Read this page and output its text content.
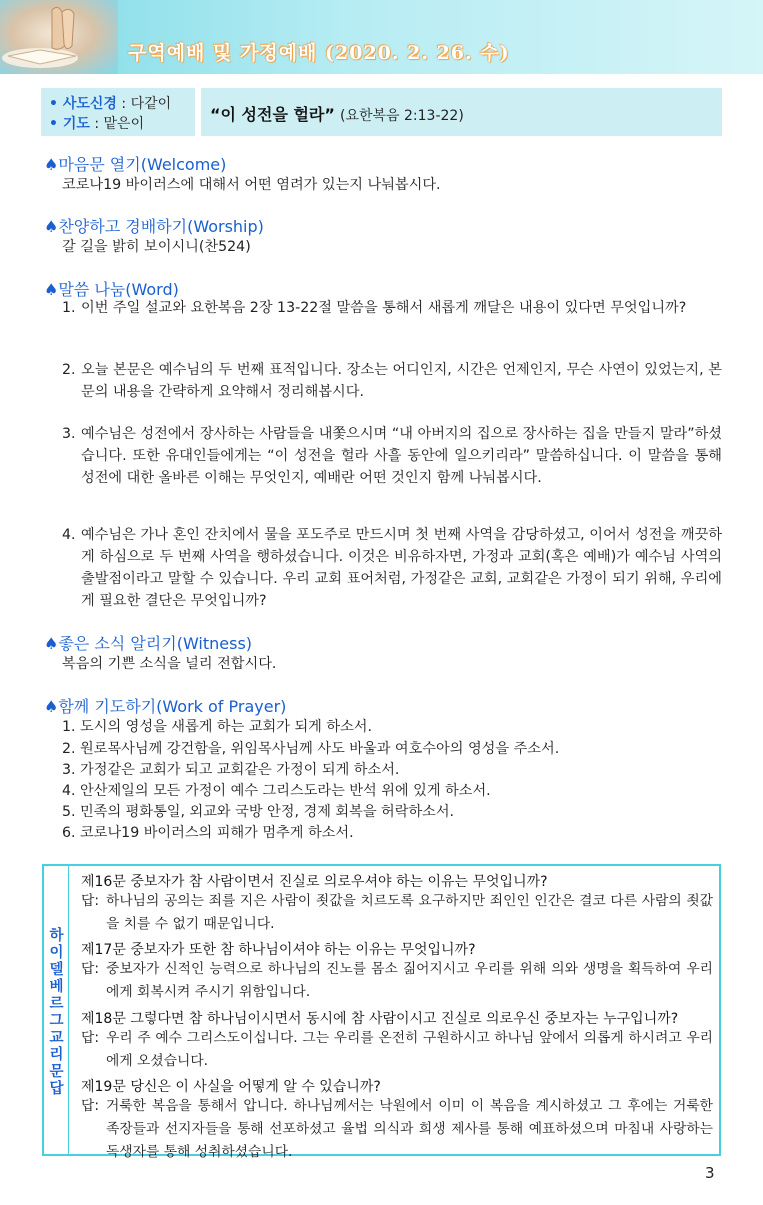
구역예배 및 가정예배 (2020. 2. 26. 수)
• 사도신경 : 다같이
• 기도 : 맡은이	“이 성전을 헐라” (요한복음 2:13-22)
♠마음문 열기(Welcome)
코로나19 바이러스에 대해서 어떤 염려가 있는지 나눠봅시다.
♠찬양하고 경배하기(Worship)
갈 길을 밝히 보이시니(찬524)
♠말씀 나눔(Word)
1. 이번 주일 설교와 요한복음 2장 13-22절 말씀을 통해서 새롭게 깨달은 내용이 있다면 무엇입니까?
2. 오늘 본문은 예수님의 두 번째 표적입니다. 장소는 어디인지, 시간은 언제인지, 무슨 사연이 있었는지, 본문의 내용을 간략하게 요약해서 정리해봅시다.
3. 예수님은 성전에서 장사하는 사람들을 내쫓으시며 “내 아버지의 집으로 장사하는 집을 만들지 말라”하셨습니다. 또한 유대인들에게는 “이 성전을 헐라 사흘 동안에 일으키리라” 말씀하십니다. 이 말씀을 통해 성전에 대한 올바른 이해는 무엇인지, 예배란 어떤 것인지 함께 나눠봅시다.
4. 예수님은 가나 혼인 잔치에서 물을 포도주로 만드시며 첫 번째 사역을 감당하셨고, 이어서 성전을 깨끗하게 하심으로 두 번째 사역을 행하셨습니다. 이것은 비유하자면, 가정과 교회(혹은 예배)가 예수님 사역의 출발점이라고 말할 수 있습니다. 우리 교회 표어처럼, 가정같은 교회, 교회같은 가정이 되기 위해, 우리에게 필요한 결단은 무엇입니까?
♠좋은 소식 알리기(Witness)
복음의 기쁜 소식을 널리 전합시다.
♠함께 기도하기(Work of Prayer)
1. 도시의 영성을 새롭게 하는 교회가 되게 하소서.
2. 원로목사님께 강건함을, 위임목사님께 사도 바울과 여호수아의 영성을 주소서.
3. 가정같은 교회가 되고 교회같은 가정이 되게 하소서.
4. 안산제일의 모든 가정이 예수 그리스도라는 반석 위에 있게 하소서.
5. 민족의 평화통일, 외교와 국방 안정, 경제 회복을 허락하소서.
6. 코로나19 바이러스의 피해가 멈추게 하소서.
하
이
델
베
르
그
교
리
문
답
제16문 중보자가 참 사람이면서 진실로 의로우셔야 하는 이유는 무엇입니까?
답: 하나님의 공의는 죄를 지은 사람이 죗값을 치르도록 요구하지만 죄인인 인간은 결코 다른 사람의 죗값을 치를 수 없기 때문입니다.
제17문 중보자가 또한 참 하나님이셔야 하는 이유는 무엇입니까?
답: 중보자가 신적인 능력으로 하나님의 진노를 몸소 짊어지시고 우리를 위해 의와 생명을 획득하여 우리에게 회복시켜 주시기 위함입니다.
제18문 그렇다면 참 하나님이시면서 동시에 참 사람이시고 진실로 의로우신 중보자는 누구입니까?
답: 우리 주 예수 그리스도이십니다. 그는 우리를 온전히 구원하시고 하나님 앞에서 의롭게 하시려고 우리에게 오셨습니다.
제19문 당신은 이 사실을 어떻게 알 수 있습니까?
답: 거룩한 복음을 통해서 압니다. 하나님께서는 낙원에서 이미 이 복음을 계시하셨고 그 후에는 거룩한 족장들과 선지자들을 통해 선포하셨고 율법 의식과 희생 제사를 통해 예표하셨으며 마침내 사랑하는 독생자를 통해 성취하셨습니다.
3
